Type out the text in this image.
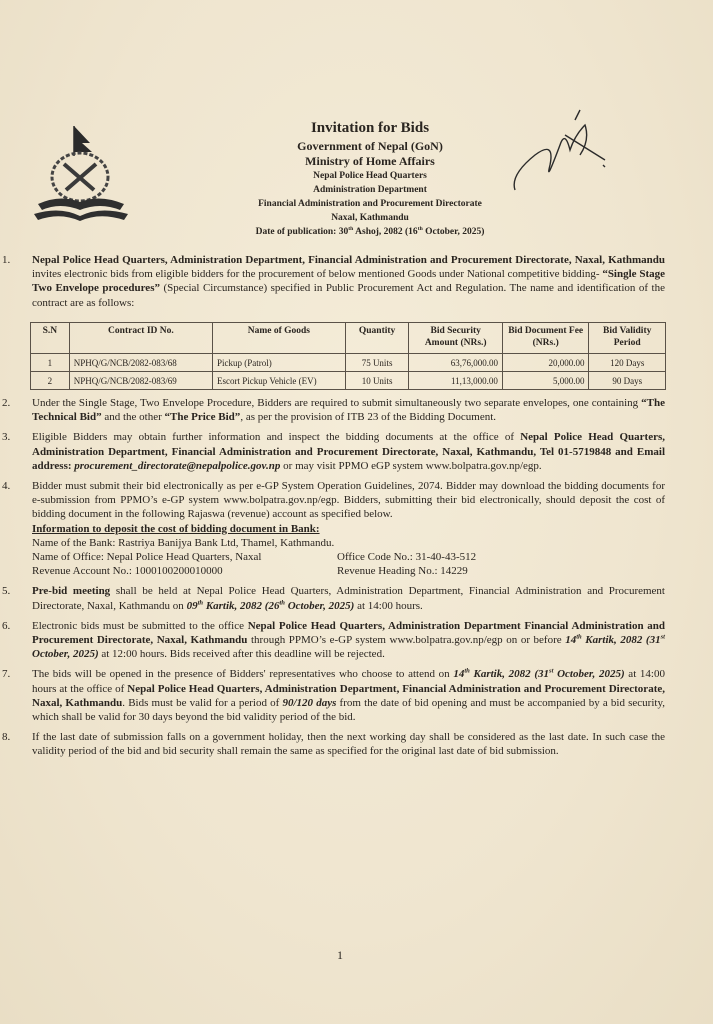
Invitation for Bids
Government of Nepal (GoN)
Ministry of Home Affairs
Nepal Police Head Quarters
Administration Department
Financial Administration and Procurement Directorate
Naxal, Kathmandu
Date of publication: 30th Ashoj, 2082 (16th October, 2025)
1. Nepal Police Head Quarters, Administration Department, Financial Administration and Procurement Directorate, Naxal, Kathmandu invites electronic bids from eligible bidders for the procurement of below mentioned Goods under National competitive bidding- “Single Stage Two Envelope procedures” (Special Circumstance) specified in Public Procurement Act and Regulation. The name and identification of the contract are as follows:
S.N	Contract ID No.	Name of Goods	Quantity	Bid Security Amount (NRs.)	Bid Document Fee (NRs.)	Bid Validity Period
1	NPHQ/G/NCB/2082-083/68	Pickup (Patrol)	75 Units	63,76,000.00	20,000.00	120 Days
2	NPHQ/G/NCB/2082-083/69	Escort Pickup Vehicle (EV)	10 Units	11,13,000.00	5,000.00	90 Days
2. Under the Single Stage, Two Envelope Procedure, Bidders are required to submit simultaneously two separate envelopes, one containing “The Technical Bid” and the other “The Price Bid”, as per the provision of ITB 23 of the Bidding Document.
3. Eligible Bidders may obtain further information and inspect the bidding documents at the office of Nepal Police Head Quarters, Administration Department, Financial Administration and Procurement Directorate, Naxal, Kathmandu, Tel 01-5719848 and Email address: procurement_directorate@nepalpolice.gov.np or may visit PPMO eGP system www.bolpatra.gov.np/egp.
4. Bidder must submit their bid electronically as per e-GP System Operation Guidelines, 2074. Bidder may download the bidding documents for e-submission from PPMO’s e-GP system www.bolpatra.gov.np/egp. Bidders, submitting their bid electronically, should deposit the cost of bidding document in the following Rajaswa (revenue) account as specified below.
Information to deposit the cost of bidding document in Bank:
Name of the Bank: Rastriya Banijya Bank Ltd, Thamel, Kathmandu.
Name of Office: Nepal Police Head Quarters, Naxal	Office Code No.: 31-40-43-512
Revenue Account No.: 1000100200010000	Revenue Heading No.: 14229
5. Pre-bid meeting shall be held at Nepal Police Head Quarters, Administration Department, Financial Administration and Procurement Directorate, Naxal, Kathmandu on 09th Kartik, 2082 (26th October, 2025) at 14:00 hours.
6. Electronic bids must be submitted to the office Nepal Police Head Quarters, Administration Department Financial Administration and Procurement Directorate, Naxal, Kathmandu through PPMO’s e-GP system www.bolpatra.gov.np/egp on or before 14th Kartik, 2082 (31st October, 2025) at 12:00 hours. Bids received after this deadline will be rejected.
7. The bids will be opened in the presence of Bidders' representatives who choose to attend on 14th Kartik, 2082 (31st October, 2025) at 14:00 hours at the office of Nepal Police Head Quarters, Administration Department, Financial Administration and Procurement Directorate, Naxal, Kathmandu. Bids must be valid for a period of 90/120 days from the date of bid opening and must be accompanied by a bid security, which shall be valid for 30 days beyond the bid validity period of the bid.
8. If the last date of submission falls on a government holiday, then the next working day shall be considered as the last date. In such case the validity period of the bid and bid security shall remain the same as specified for the original last date of bid submission.
1
